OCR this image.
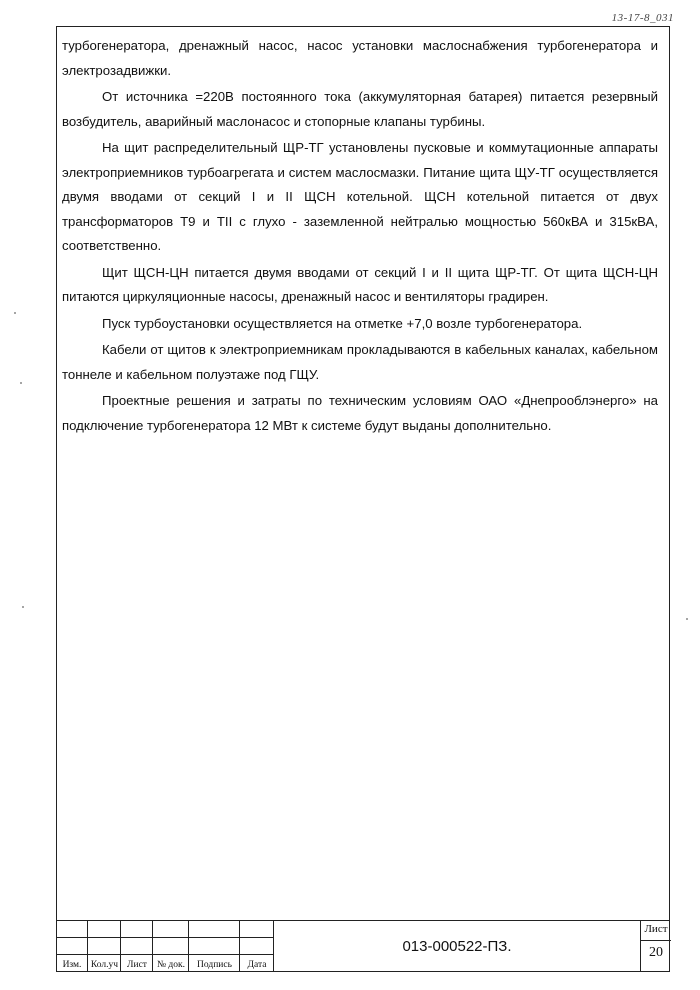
13-17-8_031

турбогенератора, дренажный насос, насос установки маслоснабжения турбогенератора и электрозадвижки.

От источника =220В постоянного тока (аккумуляторная батарея) питается резервный возбудитель, аварийный маслонасос и стопорные клапаны турбины.

На щит распределительный ЩР-ТГ установлены пусковые и коммутационные аппараты электроприемников турбоагрегата и систем маслосмазки. Питание щита ЩУ-ТГ осуществляется двумя вводами от секций I и II ЩСН котельной. ЩСН котельной питается от двух трансформаторов Т9 и ТII с глухо - заземленной нейтралью мощностью 560кВА и 315кВА, соответственно.

Щит ЩСН-ЦН питается двумя вводами от секций I и II щита ЩР-ТГ. От щита ЩСН-ЦН питаются циркуляционные насосы, дренажный насос и вентиляторы градирен.

Пуск турбоустановки осуществляется на отметке +7,0 возле турбогенератора.

Кабели от щитов к электроприемникам прокладываются в кабельных каналах, кабельном тоннеле и кабельном полуэтаже под ГЩУ.

Проектные решения и затраты по техническим условиям ОАО «Днепрооблэнерго» на подключение турбогенератора 12 МВт к системе будут выданы дополнительно.

Изм. Кол.уч Лист	№ док.	Подпись	Дата
013-000522-ПЗ.
Лист
20
